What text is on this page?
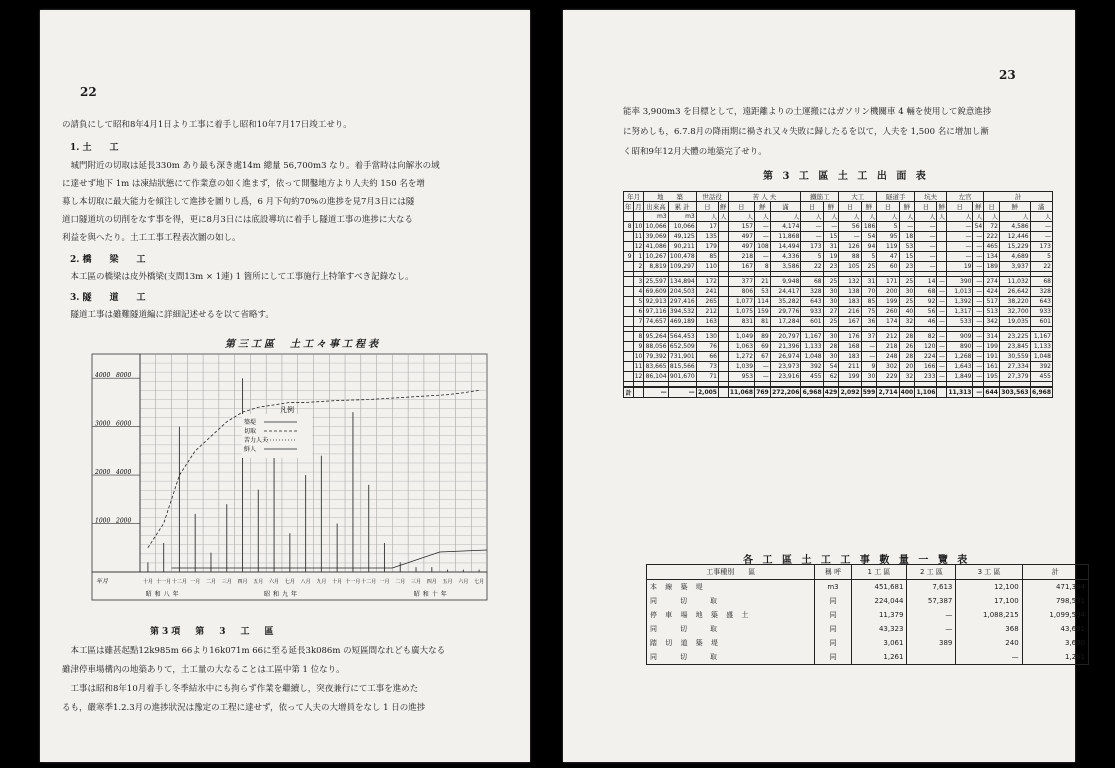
22
の請負にして昭和8年4月1日より工事に着手し昭和10年7月17日竣工せり。
1. 土　　工
　城門附近の切取は延長330m あり最も深き處14m 總量 56,700m3 なり。着手當時は向解氷の域
に達せず地下 1m は凍結狀態にて作業意の如く進まず，依って開鑿地方より人夫約 150 名を增
募し本切取に最大能力を傾注して進捗を圖りし爲，6 月下旬約70%の進捗を見7月3日には隧
道口隧道坑の切削をなす事を得，更に8月3日には底設導坑に着手し隧道工事の進捗に大なる
利益を與へたり。土工工事工程表次圖の如し。
2. 橋　　梁　　工
　本工區の橋梁は皮外橋梁(支間13m × 1連) 1 箇所にして工事施行上特筆すべき記錄なし。
3. 隧　　道　　工
　隧道工事は雖難隧道編に詳細記述せるを以て省略す。
第三工區　土工々事工程表
1000
2000
3000
4000
2000
4000
6000
8000
年月	十月 十一月 十二月 一月 二月 三月 四月 五月 六月 七月 八月 九月 十月 十一月 十二月 一月 二月 三月 四月 五月 六月 七月
昭和八年	昭和九年	昭和十年
凡例
築堤
切取
苦力人夫
鮮人
第3項　第　3　工　區
　本工區は雖甚起點12k985m 66より16k071m 66に至る延長3k086m の短區間なれども廣大なる
雖津停車場構內の地築ありて，土工量の大なることは工區中第 1 位なり。
　工事は昭和8年10月着手し冬季結氷中にも拘らず作業を繼續し，突夜兼行にて工事を進めた
るも，嚴寒季1.2.3月の進捗狀況は豫定の工程に達せず，依って人夫の大增員をなし 1 日の進捗
23
能率 3,900m3 を目標として，遠距離よりの土運搬にはガソリン機關車 4 輛を使用して銳意進捗
に努めしも，6.7.8月の降雨期に禍され又々失敗に歸したるを以て，人夫を 1,500 名に增加し漸
く昭和9年12月大體の地築完了せり。
第 3 工 區 土 工 出 面 表
年月		地　　築		世話役		苦 人 夫			鐵筋工		大工		隧道手		坑夫		左官		計		
年	月	出來高	累 計	日	鮮	日	鮮	滿	日	鮮	日	鮮	日	鮮	日	鮮	日	鮮	日	鮮	滿
		m3	m3	人	人	人	人	人	人	人	人	人	人	人	人	人	人	人	人	人	人
8	10	10,066	10,066	17		157	—	4,174	—	—	56	186	5	—	—		—	54	72	4,586	—
	11	39,069	49,125	135		497	—	11,868	—	15	—	54	95	18	—		—	—	222	12,446	—
	12	41,086	90,211	179		497	108	14,494	173	31	126	94	119	53	—		—	—	465	15,229	173
9	1	10,267	100,478	85		218	—	4,336	5	19	88	5	47	15	—		—	—	134	4,689	5
	2	8,819	109,297	110		167	8	3,586	22	23	105	25	60	23	—		19	—	189	3,937	22

	3	25,597	134,894	172		377	21	9,948	68	25	132	31	171	25	14	—	390	—	274	11,032	68
	4	69,609	204,503	241		806	53	24,417	328	30	138	70	200	30	68	—	1,013	—	424	26,642	328
	5	92,913	297,416	265		1,077	114	35,282	643	30	183	85	199	25	92	—	1,392	—	517	38,220	643
	6	97,116	394,532	212		1,075	159	29,776	933	27	216	75	260	40	56	—	1,317	—	513	32,700	933
	7	74,657	469,189	163		831	81	17,284	601	25	167	36	174	32	46	—	533	—	342	19,035	601

	8	95,264	564,453	130		1,049	89	20,797	1,167	30	176	37	212	28	82	—	909	—	314	23,225	1,167
	9	88,056	652,509	76		1,063	69	21,396	1,133	28	168	—	218	26	120	—	890	—	199	23,845	1,133
	10	79,392	731,901	66		1,272	67	26,974	1,048	30	183	—	248	28	224	—	1,268	—	191	30,559	1,048
	11	83,665	815,566	73		1,039	—	23,973	392	54	211	9	302	20	166	—	1,643	—	161	27,334	392
	12	86,104	901,670	71		953	—	23,916	455	62	199	30	229	32	233	—	1,849	—	195	27,379	455

計		—	—	2,005		11,068	769	272,206	6,968	429	2,092	599	2,714	400	1,106		11,313	—	644	303,563	6,968
各 工 區 土 工 工 事 數 量 一 覽 表
工事種別　　區	稱 呼	1 工 區	2 工 區	3 工 區	計
本 線 築 堤	m3	451,681	7,613	12,100	471,394
同　　切　　取	同	224,044	57,387	17,100	798,531
停 車 場 地 築 盛 土	同	11,379	—	1,088,215	1,099,594
同　　切　　取	同	43,323	—	368	43,691
踏 切 道 築 堤	同	3,061	389	240	3,690
同　　切　　取	同	1,261		—	1,261
